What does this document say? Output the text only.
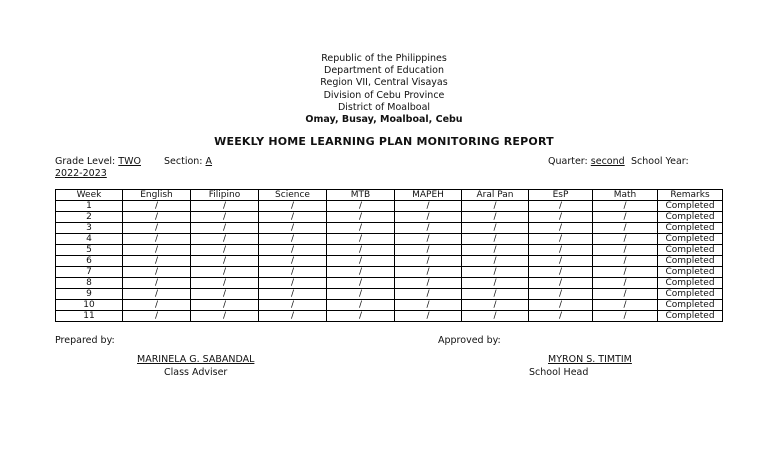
Republic of the Philippines
Department of Education
Region VII, Central Visayas
Division of Cebu Province
District of Moalboal
Omay, Busay, Moalboal, Cebu
WEEKLY HOME LEARNING PLAN MONITORING REPORT
Grade Level: TWO Section: A	Quarter: second School Year:
2022-2023
Week	English	Filipino	Science	MTB	MAPEH	Aral Pan	EsP	Math	Remarks
1	/	/	/	/	/	/	/	/	Completed
2	/	/	/	/	/	/	/	/	Completed
3	/	/	/	/	/	/	/	/	Completed
4	/	/	/	/	/	/	/	/	Completed
5	/	/	/	/	/	/	/	/	Completed
6	/	/	/	/	/	/	/	/	Completed
7	/	/	/	/	/	/	/	/	Completed
8	/	/	/	/	/	/	/	/	Completed
9	/	/	/	/	/	/	/	/	Completed
10	/	/	/	/	/	/	/	/	Completed
11	/	/	/	/	/	/	/	/	Completed
Prepared by:
MARINELA G. SABANDAL
Class Adviser
Approved by:
MYRON S. TIMTIM
School Head
